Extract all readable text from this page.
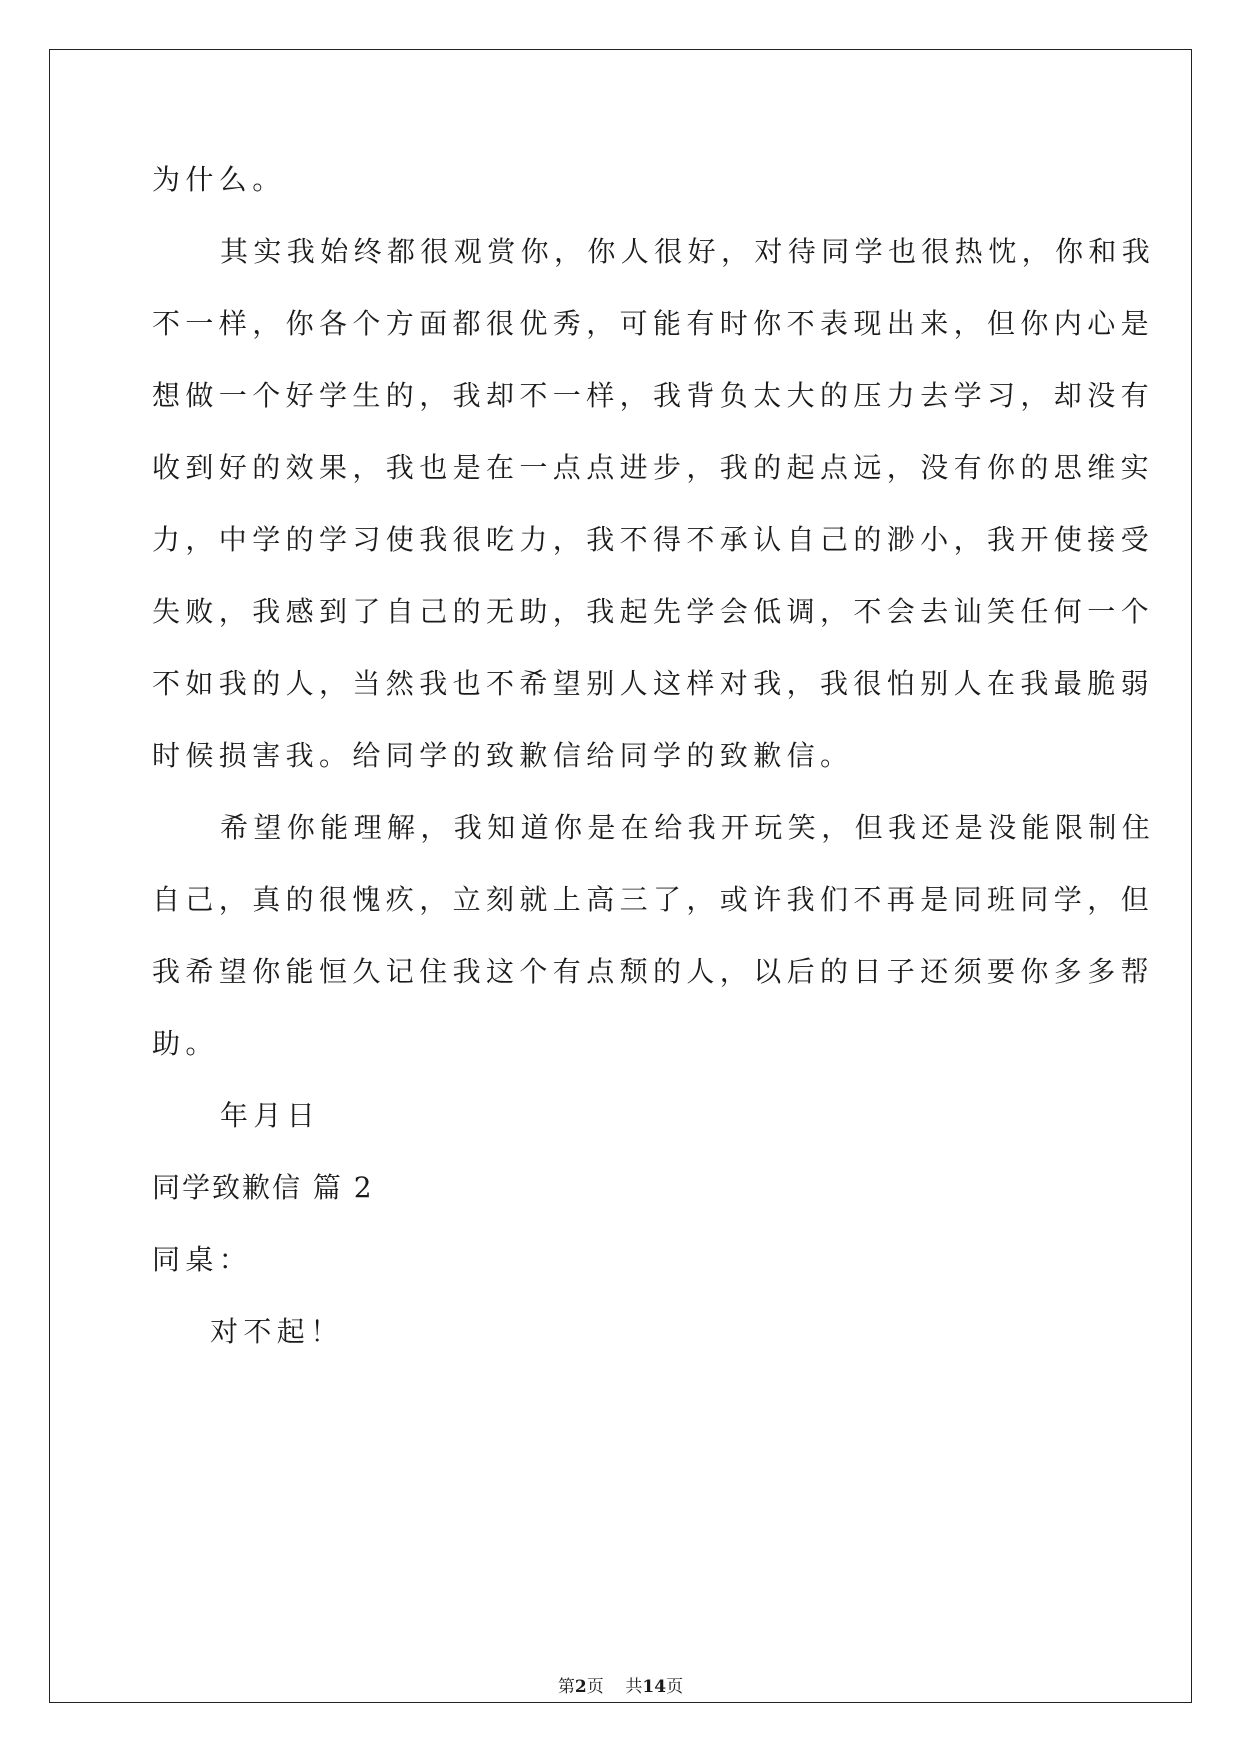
为什么。
其实我始终都很观赏你，你人很好，对待同学也很热忱，你和我
不一样，你各个方面都很优秀，可能有时你不表现出来，但你内心是
想做一个好学生的，我却不一样，我背负太大的压力去学习，却没有
收到好的效果，我也是在一点点进步，我的起点远，没有你的思维实
力，中学的学习使我很吃力，我不得不承认自己的渺小，我开使接受
失败，我感到了自己的无助，我起先学会低调，不会去讪笑任何一个
不如我的人，当然我也不希望别人这样对我，我很怕别人在我最脆弱
时候损害我。给同学的致歉信给同学的致歉信。
希望你能理解，我知道你是在给我开玩笑，但我还是没能限制住
自己，真的很愧疚，立刻就上高三了，或许我们不再是同班同学，但
我希望你能恒久记住我这个有点颓的人，以后的日子还须要你多多帮
助。
年月日
同学致歉信 篇 2
同桌：
对不起！
第2页    共14页
